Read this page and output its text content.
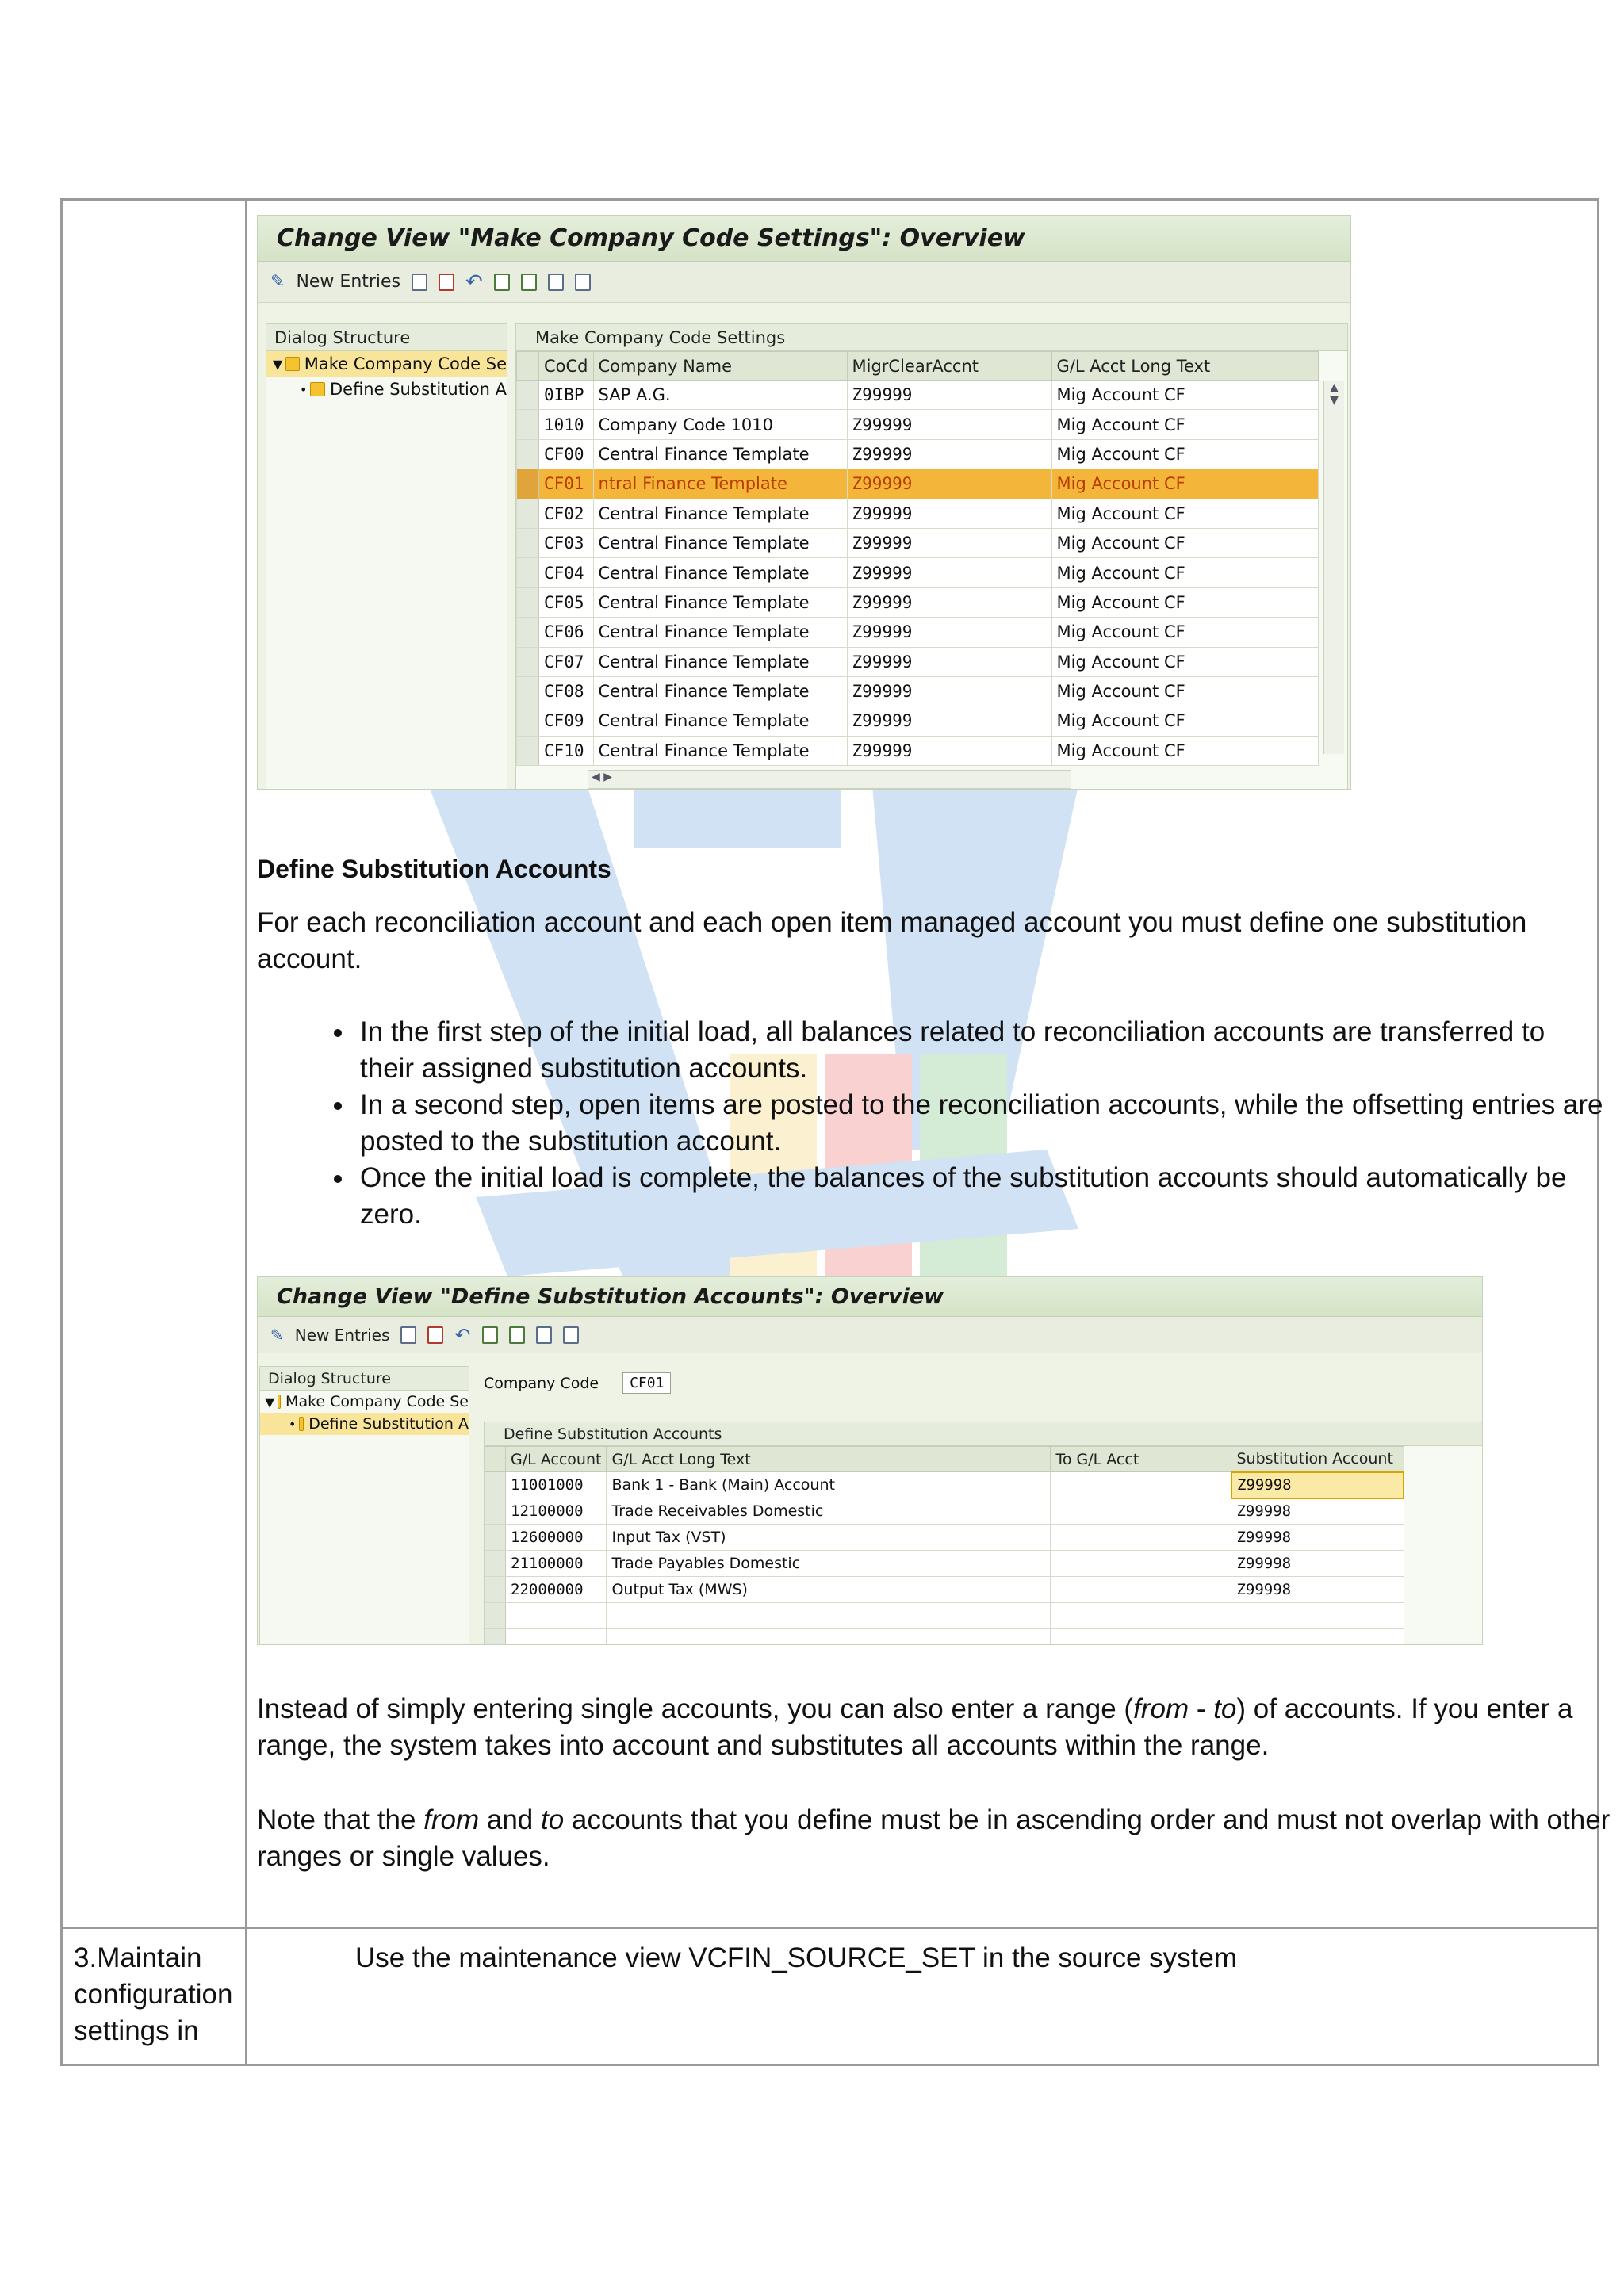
Change View "Make Company Code Settings": Overview
✎ New Entries	↶
Dialog Structure
▼ Make Company Code Se
• Define Substitution A
Make Company Code Settings
	CoCd	Company Name	MigrClearAccnt	G/L Acct Long Text
	0IBP	SAP A.G.	Z99999	Mig Account CF
	1010	Company Code 1010	Z99999	Mig Account CF
	CF00	Central Finance Template	Z99999	Mig Account CF
	CF01	ntral Finance Template	Z99999	Mig Account CF
	CF02	Central Finance Template	Z99999	Mig Account CF
	CF03	Central Finance Template	Z99999	Mig Account CF
	CF04	Central Finance Template	Z99999	Mig Account CF
	CF05	Central Finance Template	Z99999	Mig Account CF
	CF06	Central Finance Template	Z99999	Mig Account CF
	CF07	Central Finance Template	Z99999	Mig Account CF
	CF08	Central Finance Template	Z99999	Mig Account CF
	CF09	Central Finance Template	Z99999	Mig Account CF
	CF10	Central Finance Template	Z99999	Mig Account CF
▲
▼
◀ ▶
Define Substitution Accounts
For each reconciliation account and each open item managed account you must define one substitution account.
• In the first step of the initial load, all balances related to reconciliation accounts are transferred to their assigned substitution accounts.
• In a second step, open items are posted to the reconciliation accounts, while the offsetting entries are posted to the substitution account.
• Once the initial load is complete, the balances of the substitution accounts should automatically be zero.
Change View "Define Substitution Accounts": Overview
✎ New Entries	↶
Dialog Structure
▼ Make Company Code Se
• Define Substitution A
Company Code	CF01
Define Substitution Accounts
	G/L Account	G/L Acct Long Text	To G/L Acct	Substitution Account
	11001000	Bank 1 - Bank (Main) Account		Z99998
	12100000	Trade Receivables Domestic		Z99998
	12600000	Input Tax (VST)		Z99998
	21100000	Trade Payables Domestic		Z99998
	22000000	Output Tax (MWS)		Z99998

Instead of simply entering single accounts, you can also enter a range (from - to) of accounts. If you enter a range, the system takes into account and substitutes all accounts within the range.
Note that the from and to accounts that you define must be in ascending order and must not overlap with other ranges or single values.
3.Maintain configuration settings in
Use the maintenance view VCFIN_SOURCE_SET in the source system
